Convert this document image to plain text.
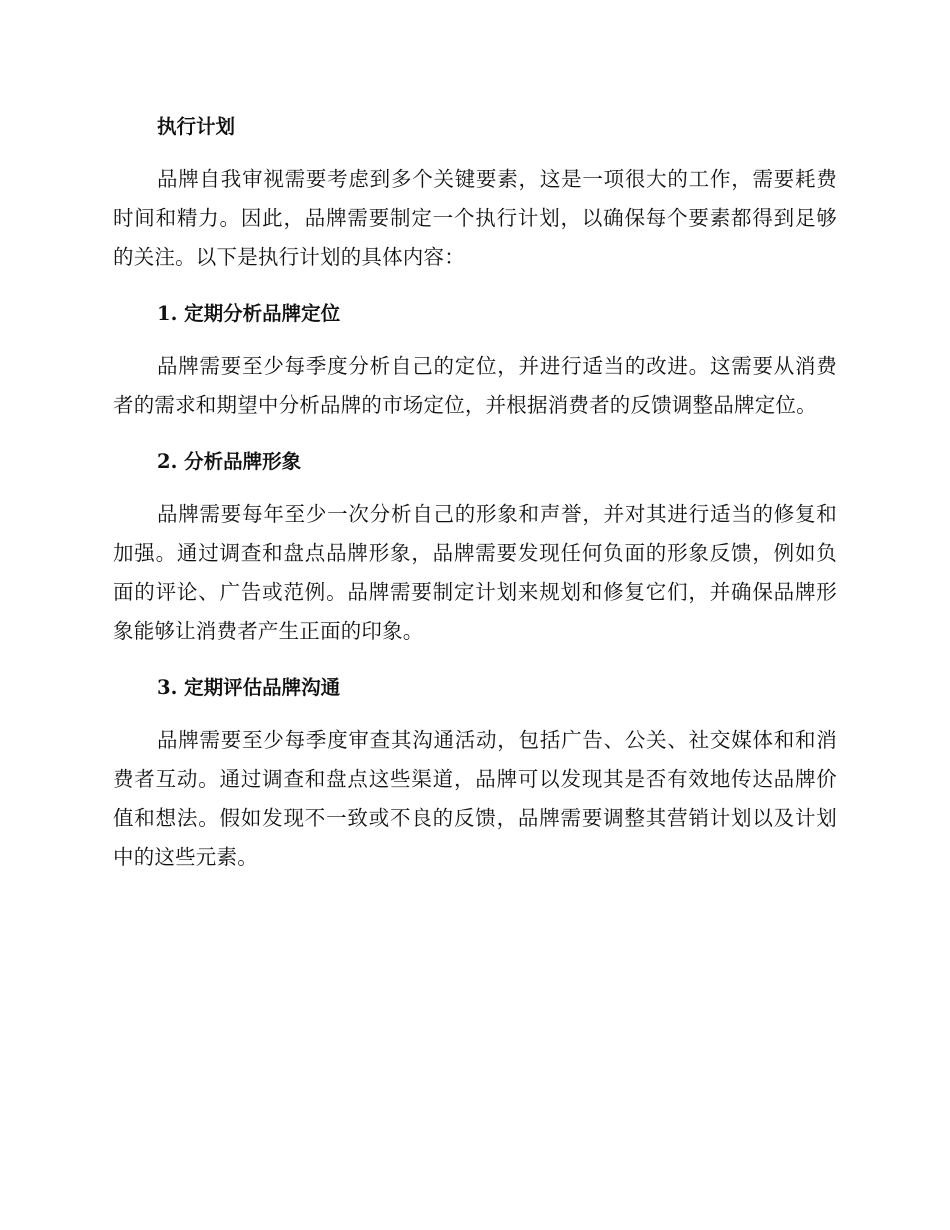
执行计划

品牌自我审视需要考虑到多个关键要素，这是一项很大的工作，需要耗费时间和精力。因此，品牌需要制定一个执行计划，以确保每个要素都得到足够的关注。以下是执行计划的具体内容：

1. 定期分析品牌定位

品牌需要至少每季度分析自己的定位，并进行适当的改进。这需要从消费者的需求和期望中分析品牌的市场定位，并根据消费者的反馈调整品牌定位。

2. 分析品牌形象

品牌需要每年至少一次分析自己的形象和声誉，并对其进行适当的修复和加强。通过调查和盘点品牌形象，品牌需要发现任何负面的形象反馈，例如负面的评论、广告或范例。品牌需要制定计划来规划和修复它们，并确保品牌形象能够让消费者产生正面的印象。

3. 定期评估品牌沟通

品牌需要至少每季度审查其沟通活动，包括广告、公关、社交媒体和和消费者互动。通过调查和盘点这些渠道，品牌可以发现其是否有效地传达品牌价值和想法。假如发现不一致或不良的反馈，品牌需要调整其营销计划以及计划中的这些元素。
